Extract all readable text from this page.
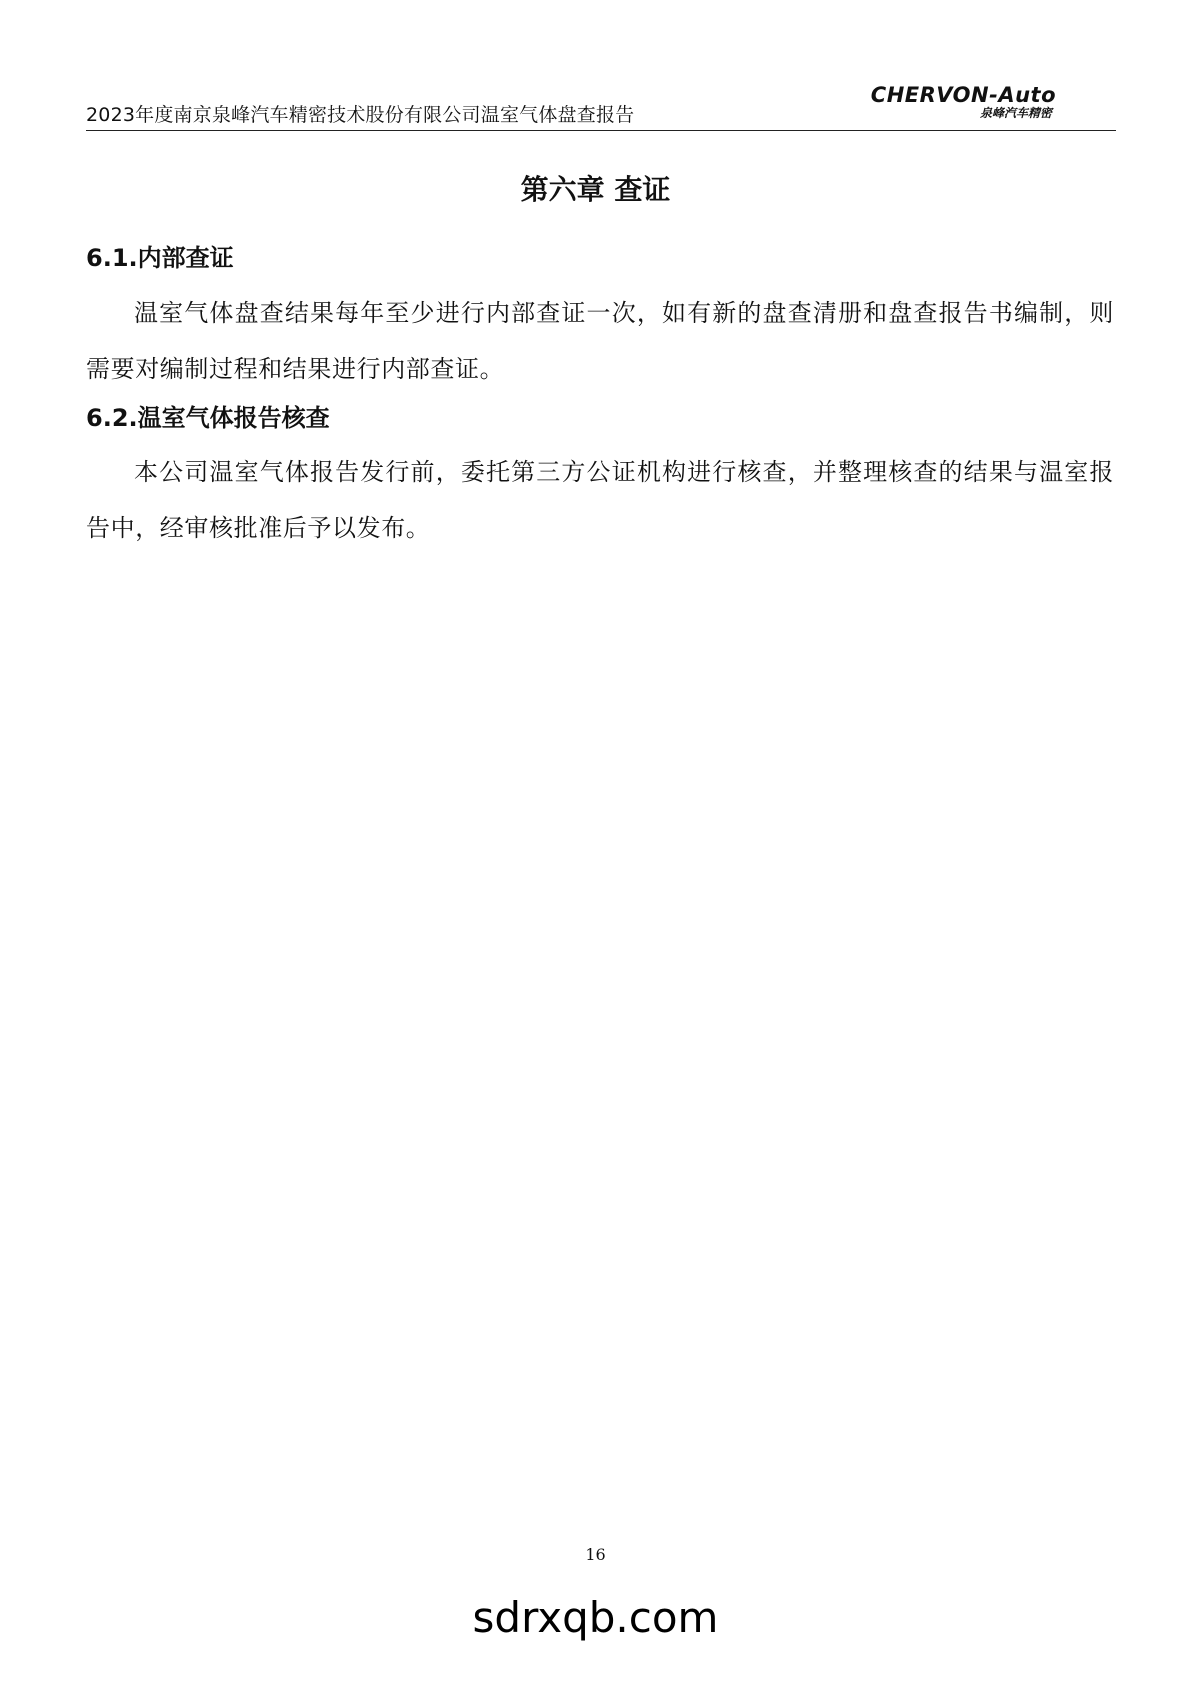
2023年度南京泉峰汽车精密技术股份有限公司温室气体盘查报告
CHERVON-Auto
泉峰汽车精密
第六章 查证
6.1.内部查证
温室气体盘查结果每年至少进行内部查证一次，如有新的盘查清册和盘查报告书编制，则需要对编制过程和结果进行内部查证。
6.2.温室气体报告核查
本公司温室气体报告发行前，委托第三方公证机构进行核查，并整理核查的结果与温室报告中，经审核批准后予以发布。
16
sdrxqb.com
